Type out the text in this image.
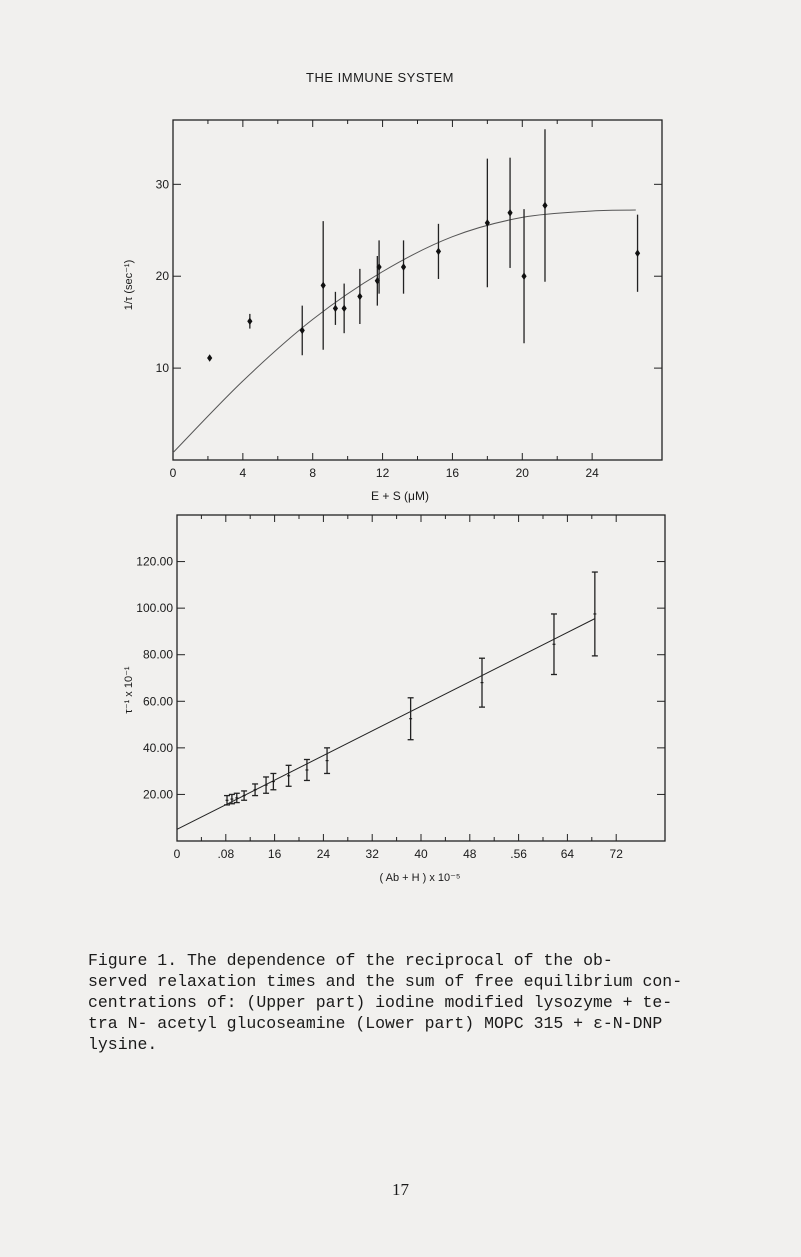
THE IMMUNE SYSTEM
0	4	8	12	16	20	24
10
20
30
E + S (μM)
1/τ (sec⁻¹)
0	.08	16	24	32	40	48	.56	64	72
20.00
40.00
60.00
80.00
100.00
120.00
( Ab + H ) x 10⁻⁵
τ⁻¹ x 10⁻¹

Figure 1. The dependence of the reciprocal of the ob-
served relaxation times and the sum of free equilibrium con-
centrations of: (Upper part) iodine modified lysozyme + te-
tra N- acetyl glucoseamine (Lower part) MOPC 315 + ε-N-DNP
lysine.

17
